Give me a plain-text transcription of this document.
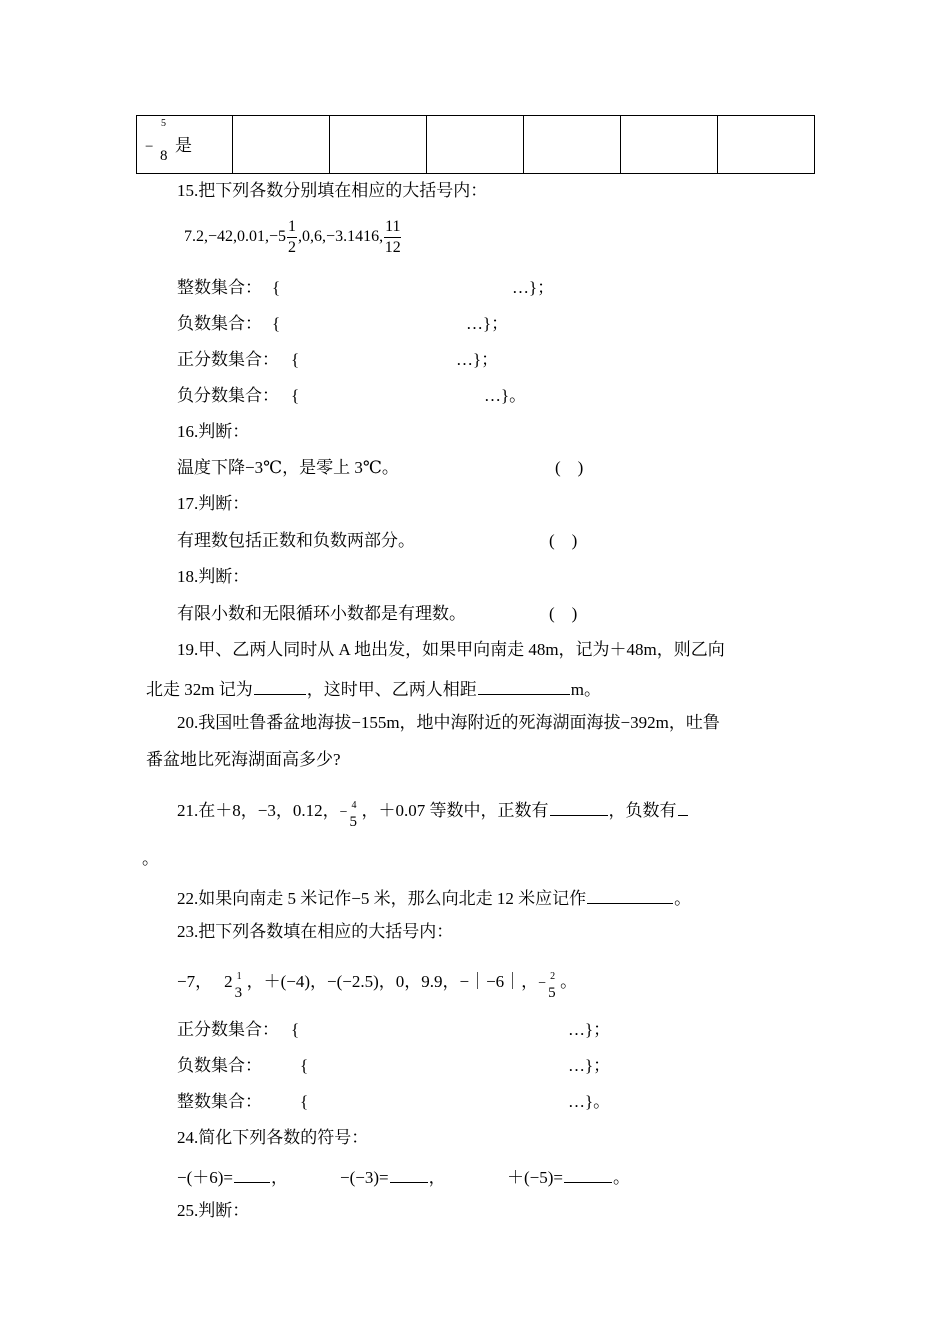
−
5
8
是

15.把下列各数分别填在相应的大括号内：
$7.2,-42,0.01,-5 \frac{1}{2} ,0,6,-3.1416$, $\frac{11}{12}$
整数集合： {	…}；
负数集合： {	…}；
正分数集合： {	…}；
负分数集合： {	…}。
16.判断：
温度下降−3℃，是零上 3℃。	(    )
17.判断：
有理数包括正数和负数两部分。	(    )
18.判断：
有限小数和无限循环小数都是有理数。	(    )
19.甲、乙两人同时从 A 地出发，如果甲向南走 48m，记为＋48m，则乙向
北走 32m 记为	，这时甲、乙两人相距	m。
20.我国吐鲁番盆地海拔−155m，地中海附近的死海湖面海拔−392m，吐鲁
番盆地比死海湖面高多少?
21.在＋8，−3，0.12，− 4
5
，＋0.07 等数中，正数有	，负数有
。
22.如果向南走 5 米记作−5 米，那么向北走 12 米应记作	。
23.把下列各数填在相应的大括号内：
−7， 2 1
3
，＋(−4)，−(−2.5)，0，9.9，−｜−6｜，− 2
5
。
正分数集合： {	…}；
负数集合： {	…}；
整数集合： {	…}。
24.简化下列各数的符号：
−(＋6)= ，	−(−3)= ，	＋(−5)=	。
25.判断：
